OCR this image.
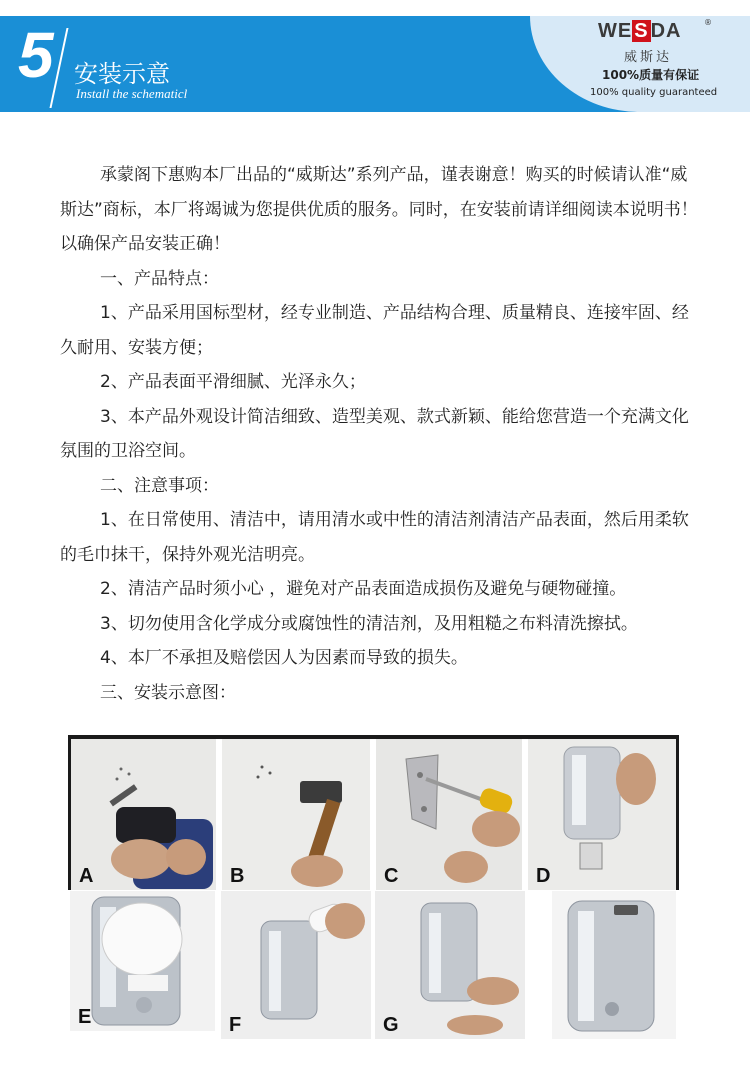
5 安装示意
Install the schematicl
WE S DA	®
威斯达
100%质量有保证
100% quality guaranteed

承蒙阁下惠购本厂出品的“威斯达”系列产品，谨表谢意！购买的时候请认准“威斯达”商标，本厂将竭诚为您提供优质的服务。同时，在安装前请详细阅读本说明书！以确保产品安装正确！

一、产品特点：

1、产品采用国标型材，经专业制造、产品结构合理、质量精良、连接牢固、经久耐用、安装方便；

2、产品表面平滑细腻、光泽永久；

3、本产品外观设计简洁细致、造型美观、款式新颖、能给您营造一个充满文化氛围的卫浴空间。

二、注意事项：

1、在日常使用、清洁中，请用清水或中性的清洁剂清洁产品表面，然后用柔软的毛巾抹干，保持外观光洁明亮。

2、清洁产品时须小心 ，避免对产品表面造成损伤及避免与硬物碰撞。

3、切勿使用含化学成分或腐蚀性的清洁剂，及用粗糙之布料清洗擦拭。

4、本厂不承担及赔偿因人为因素而导致的损失。

三、安装示意图：

A	B	C	D
E	F	G
